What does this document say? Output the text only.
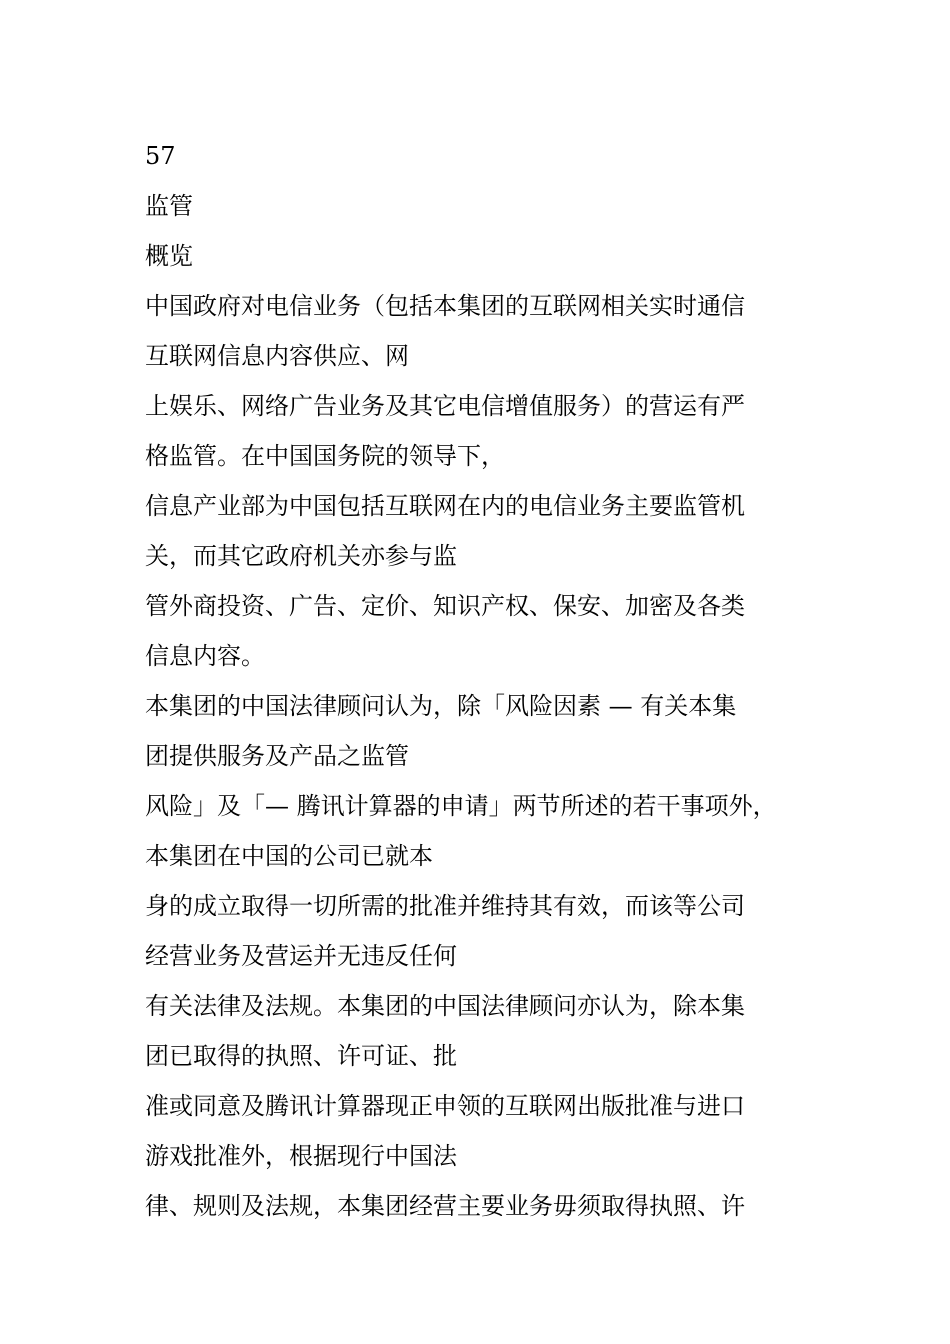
57
监管
概览
中国政府对电信业务（包括本集团的互联网相关实时通信
互联网信息内容供应、网
上娱乐、网络广告业务及其它电信增值服务）的营运有严
格监管。在中国国务院的领导下，
信息产业部为中国包括互联网在内的电信业务主要监管机
关，而其它政府机关亦参与监
管外商投资、广告、定价、知识产权、保安、加密及各类
信息内容。
本集团的中国法律顾问认为，除「风险因素 — 有关本集
团提供服务及产品之监管
风险」及「— 腾讯计算器的申请」两节所述的若干事项外，
本集团在中国的公司已就本
身的成立取得一切所需的批准并维持其有效，而该等公司
经营业务及营运并无违反任何
有关法律及法规。本集团的中国法律顾问亦认为，除本集
团已取得的执照、许可证、批
准或同意及腾讯计算器现正申领的互联网出版批准与进口
游戏批准外，根据现行中国法
律、规则及法规，本集团经营主要业务毋须取得执照、许
